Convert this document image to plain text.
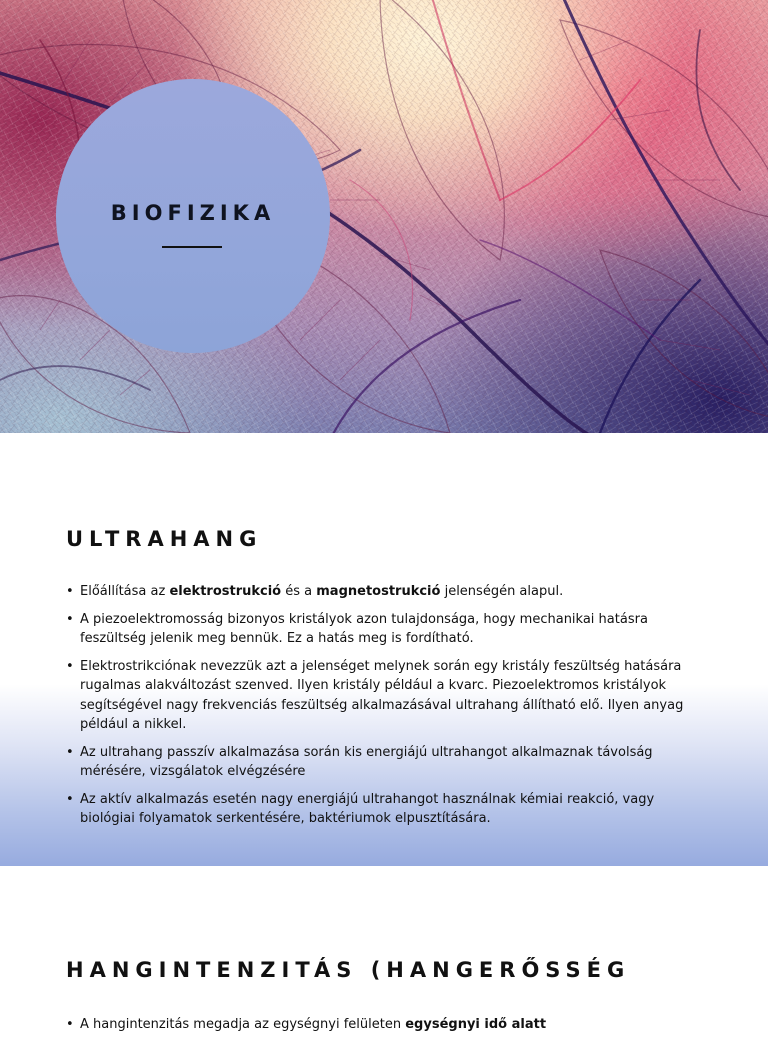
BIOFIZIKA
ULTRAHANG
• Előállítása az elektrostrukció és a magnetostrukció jelenségén alapul.
• A piezoelektromosság bizonyos kristályok azon tulajdonsága, hogy mechanikai hatásra feszültség jelenik meg bennük. Ez a hatás meg is fordítható.
• Elektrostrikciónak nevezzük azt a jelenséget melynek során egy kristály feszültség hatására rugalmas alakváltozást szenved. Ilyen kristály például a kvarc. Piezoelektromos kristályok segítségével nagy frekvenciás feszültség alkalmazásával ultrahang állítható elő. Ilyen anyag például a nikkel.
• Az ultrahang passzív alkalmazása során kis energiájú ultrahangot alkalmaznak távolság mérésére, vizsgálatok elvégzésére
• Az aktív alkalmazás esetén nagy energiájú ultrahangot használnak kémiai reakció, vagy biológiai folyamatok serkentésére, baktériumok elpusztítására.
HANGINTENZITÁS (HANGERŐSSÉG
• A hangintenzitás megadja az egységnyi felületen egységnyi idő alatt
